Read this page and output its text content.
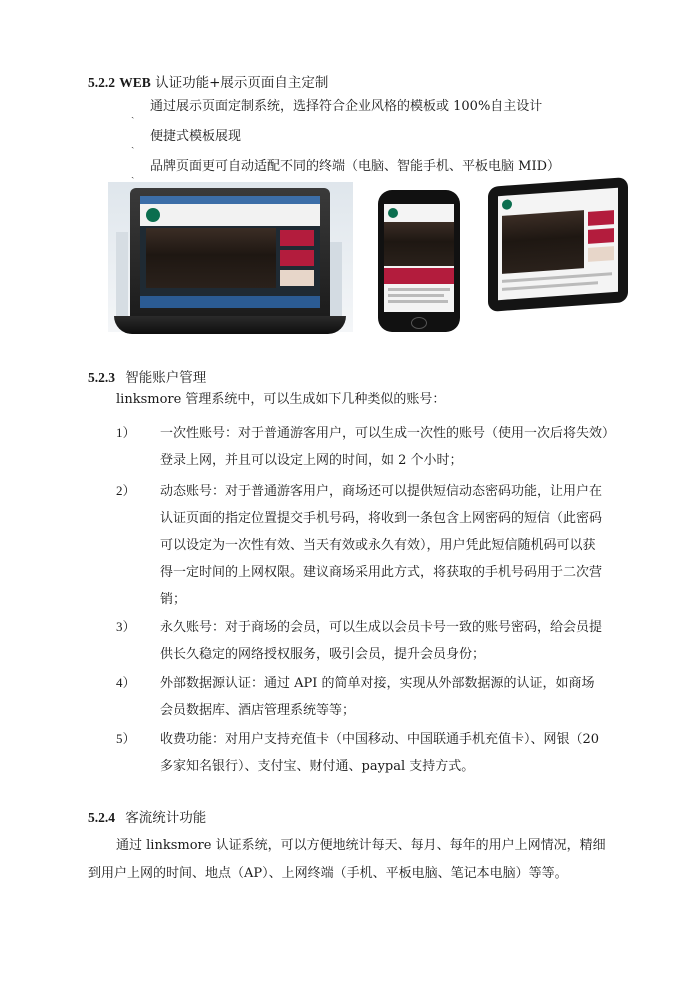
5.2.2 WEB 认证功能+展示页面自主定制
ˎ 通过展示页面定制系统，选择符合企业风格的模板或 100%自主设计
ˎ 便捷式模板展现
ˎ 品牌页面更可自动适配不同的终端（电脑、智能手机、平板电脑 MID）
5.2.3 智能账户管理
linksmore 管理系统中，可以生成如下几种类似的账号：
1） 一次性账号：对于普通游客用户，可以生成一次性的账号（使用一次后将失效）
登录上网，并且可以设定上网的时间，如 2 个小时；
2） 动态账号：对于普通游客用户，商场还可以提供短信动态密码功能，让用户在
认证页面的指定位置提交手机号码，将收到一条包含上网密码的短信（此密码
可以设定为一次性有效、当天有效或永久有效），用户凭此短信随机码可以获
得一定时间的上网权限。建议商场采用此方式，将获取的手机号码用于二次营
销；
3） 永久账号：对于商场的会员，可以生成以会员卡号一致的账号密码，给会员提
供长久稳定的网络授权服务，吸引会员，提升会员身份；
4） 外部数据源认证：通过 API 的简单对接，实现从外部数据源的认证，如商场
会员数据库、酒店管理系统等等；
5） 收费功能：对用户支持充值卡（中国移动、中国联通手机充值卡）、网银（20
多家知名银行）、支付宝、财付通、paypal 支持方式。
5.2.4 客流统计功能
通过 linksmore 认证系统，可以方便地统计每天、每月、每年的用户上网情况，精细
到用户上网的时间、地点（AP）、上网终端（手机、平板电脑、笔记本电脑）等等。
